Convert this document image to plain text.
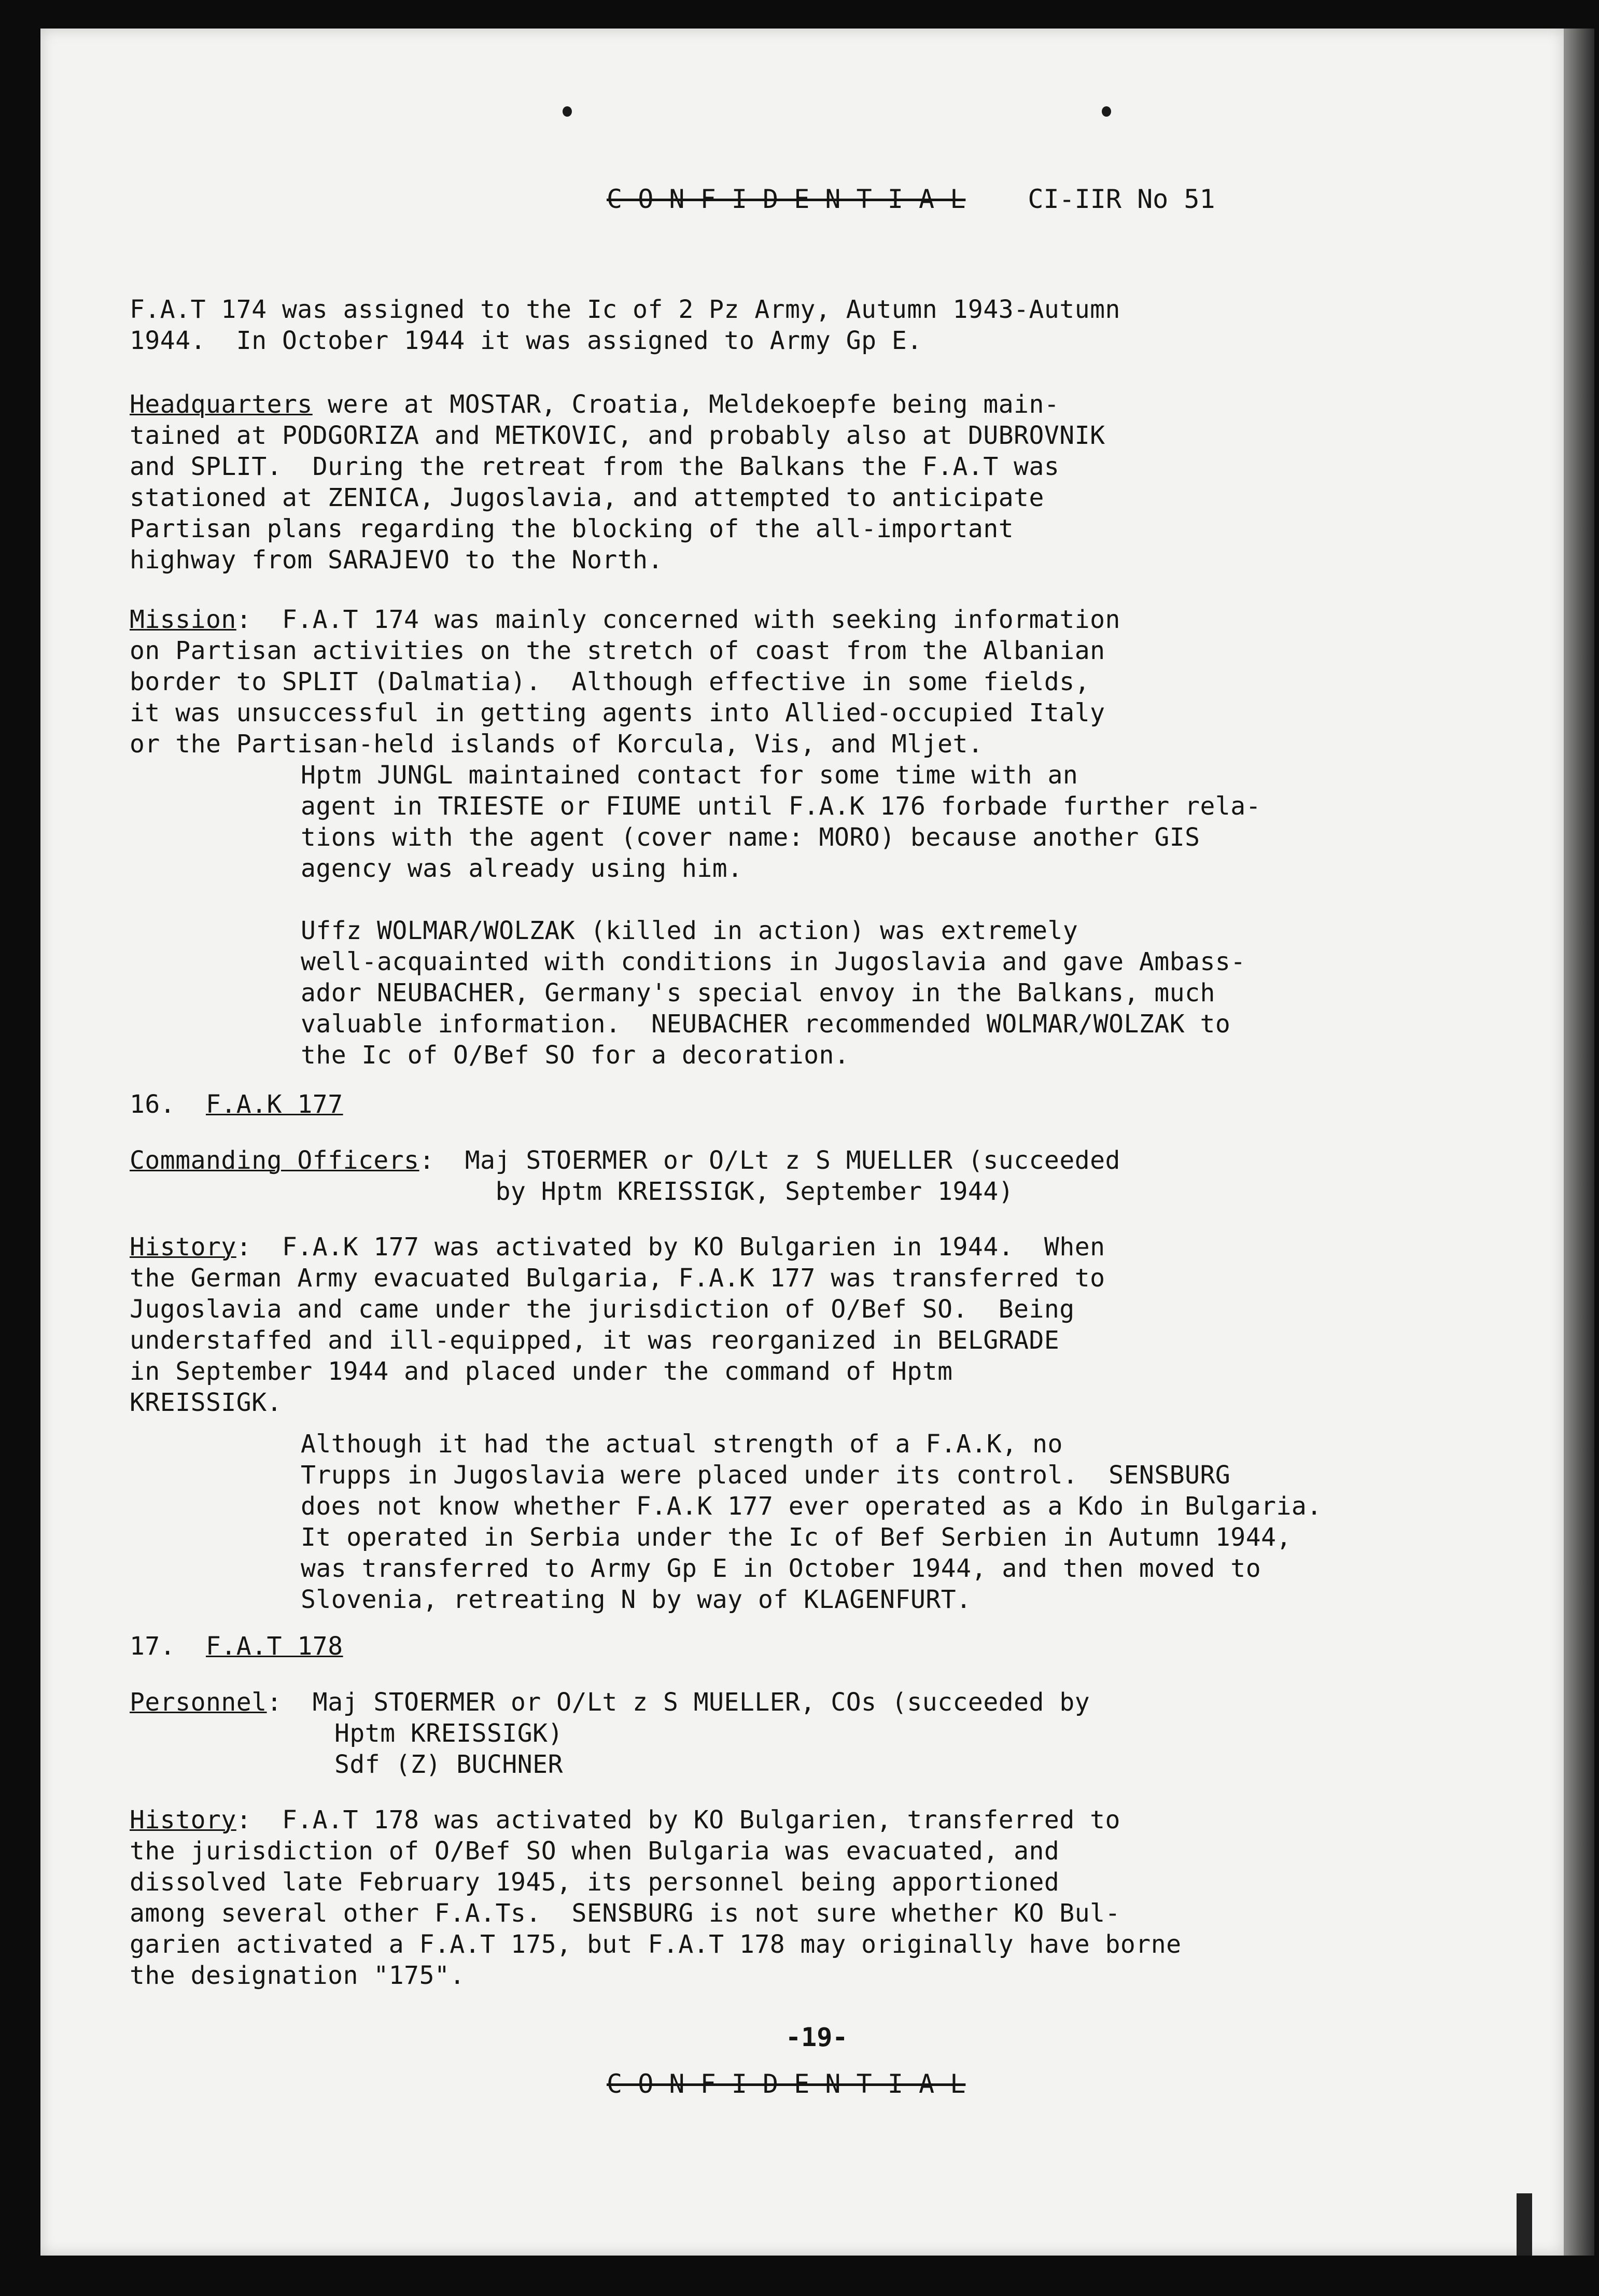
C O N F I D E N T I A L CI-IIR No 51
F.A.T 174 was assigned to the Ic of 2 Pz Army, Autumn 1943-Autumn
1944.  In October 1944 it was assigned to Army Gp E.
Headquarters were at MOSTAR, Croatia, Meldekoepfe being main-
tained at PODGORIZA and METKOVIC, and probably also at DUBROVNIK
and SPLIT.  During the retreat from the Balkans the F.A.T was
stationed at ZENICA, Jugoslavia, and attempted to anticipate
Partisan plans regarding the blocking of the all-important
highway from SARAJEVO to the North.
Mission:  F.A.T 174 was mainly concerned with seeking information
on Partisan activities on the stretch of coast from the Albanian
border to SPLIT (Dalmatia).  Although effective in some fields,
it was unsuccessful in getting agents into Allied-occupied Italy
or the Partisan-held islands of Korcula, Vis, and Mljet.
Hptm JUNGL maintained contact for some time with an
agent in TRIESTE or FIUME until F.A.K 176 forbade further rela-
tions with the agent (cover name: MORO) because another GIS
agency was already using him.
Uffz WOLMAR/WOLZAK (killed in action) was extremely
well-acquainted with conditions in Jugoslavia and gave Ambass-
ador NEUBACHER, Germany's special envoy in the Balkans, much
valuable information.  NEUBACHER recommended WOLMAR/WOLZAK to
the Ic of O/Bef SO for a decoration.
16. F.A.K 177
Commanding Officers:  Maj STOERMER or O/Lt z S MUELLER (succeeded
by Hptm KREISSIGK, September 1944)
History:  F.A.K 177 was activated by KO Bulgarien in 1944.  When
the German Army evacuated Bulgaria, F.A.K 177 was transferred to
Jugoslavia and came under the jurisdiction of O/Bef SO.  Being
understaffed and ill-equipped, it was reorganized in BELGRADE
in September 1944 and placed under the command of Hptm
KREISSIGK.
Although it had the actual strength of a F.A.K, no
Trupps in Jugoslavia were placed under its control.  SENSBURG
does not know whether F.A.K 177 ever operated as a Kdo in Bulgaria.
It operated in Serbia under the Ic of Bef Serbien in Autumn 1944,
was transferred to Army Gp E in October 1944, and then moved to
Slovenia, retreating N by way of KLAGENFURT.
17. F.A.T 178
Personnel:  Maj STOERMER or O/Lt z S MUELLER, COs (succeeded by
Hptm KREISSIGK)
Sdf (Z) BUCHNER
History:  F.A.T 178 was activated by KO Bulgarien, transferred to
the jurisdiction of O/Bef SO when Bulgaria was evacuated, and
dissolved late February 1945, its personnel being apportioned
among several other F.A.Ts.  SENSBURG is not sure whether KO Bul-
garien activated a F.A.T 175, but F.A.T 178 may originally have borne
the designation "175".
-19-
C O N F I D E N T I A L
